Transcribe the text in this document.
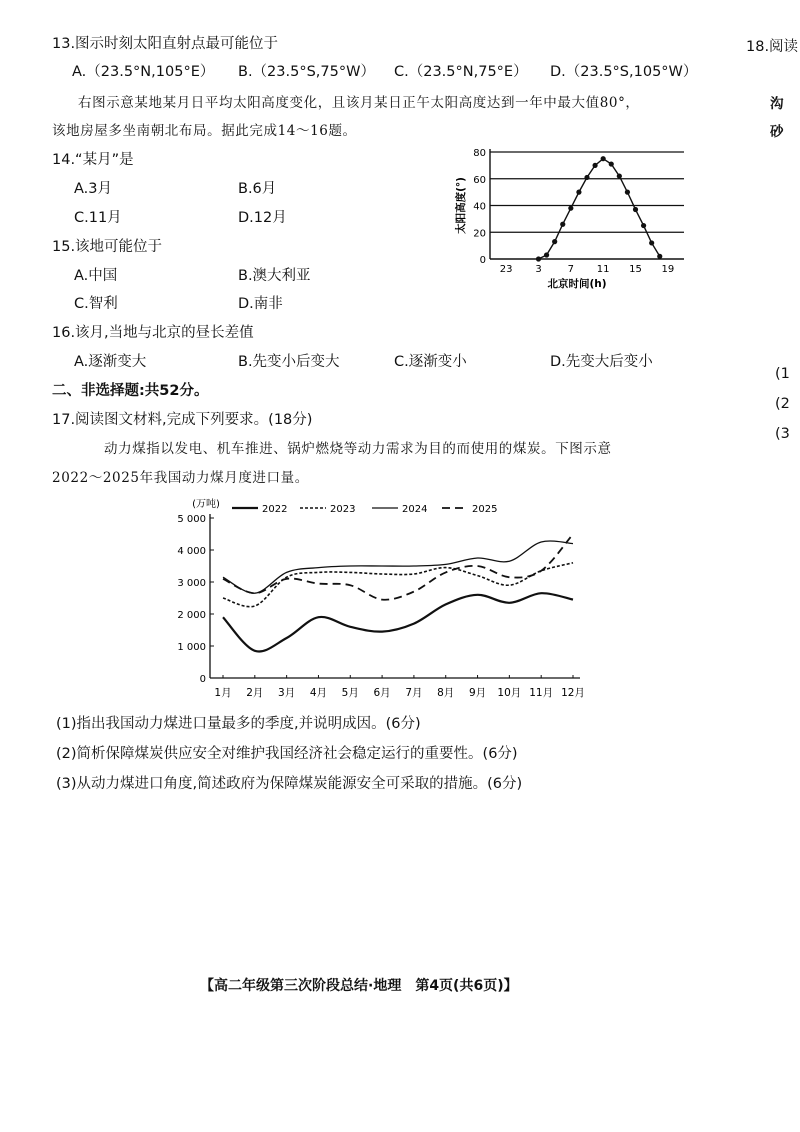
13.图示时刻太阳直射点最可能位于
A.（23.5°N,105°E） B.（23.5°S,75°W） C.（23.5°N,75°E） D.（23.5°S,105°W）
右图示意某地某月日平均太阳高度变化，且该月某日正午太阳高度达到一年中最大值80°，
该地房屋多坐南朝北布局。据此完成14～16题。
14.“某月”是
A.3月	B.6月
C.11月	D.12月
15.该地可能位于
A.中国	B.澳大利亚
C.智利	D.南非
16.该月,当地与北京的昼长差值
A.逐渐变大	B.先变小后变大	C.逐渐变小	D.先变大后变小
二、非选择题:共52分。
17.阅读图文材料,完成下列要求。(18分)
动力煤指以发电、机车推进、锅炉燃烧等动力需求为目的而使用的煤炭。下图示意
2022～2025年我国动力煤月度进口量。
(1)指出我国动力煤进口量最多的季度,并说明成因。(6分)
(2)简析保障煤炭供应安全对维护我国经济社会稳定运行的重要性。(6分)
(3)从动力煤进口角度,简述政府为保障煤炭能源安全可采取的措施。(6分)
18.阅读
沟
砂
(1
(2
(3
【高二年级第三次阶段总结·地理　第4页(共6页)】
0
20
40
60
80
23 3	7 11 15 19
北京时间(h)
太阳高度(°)
2022	2023	2024	2025
0
1 000
2 000
3 000
4 000
5 000
(万吨)
1月 2月 3月 4月 5月 6月 7月 8月 9月 10月 11月 12月
